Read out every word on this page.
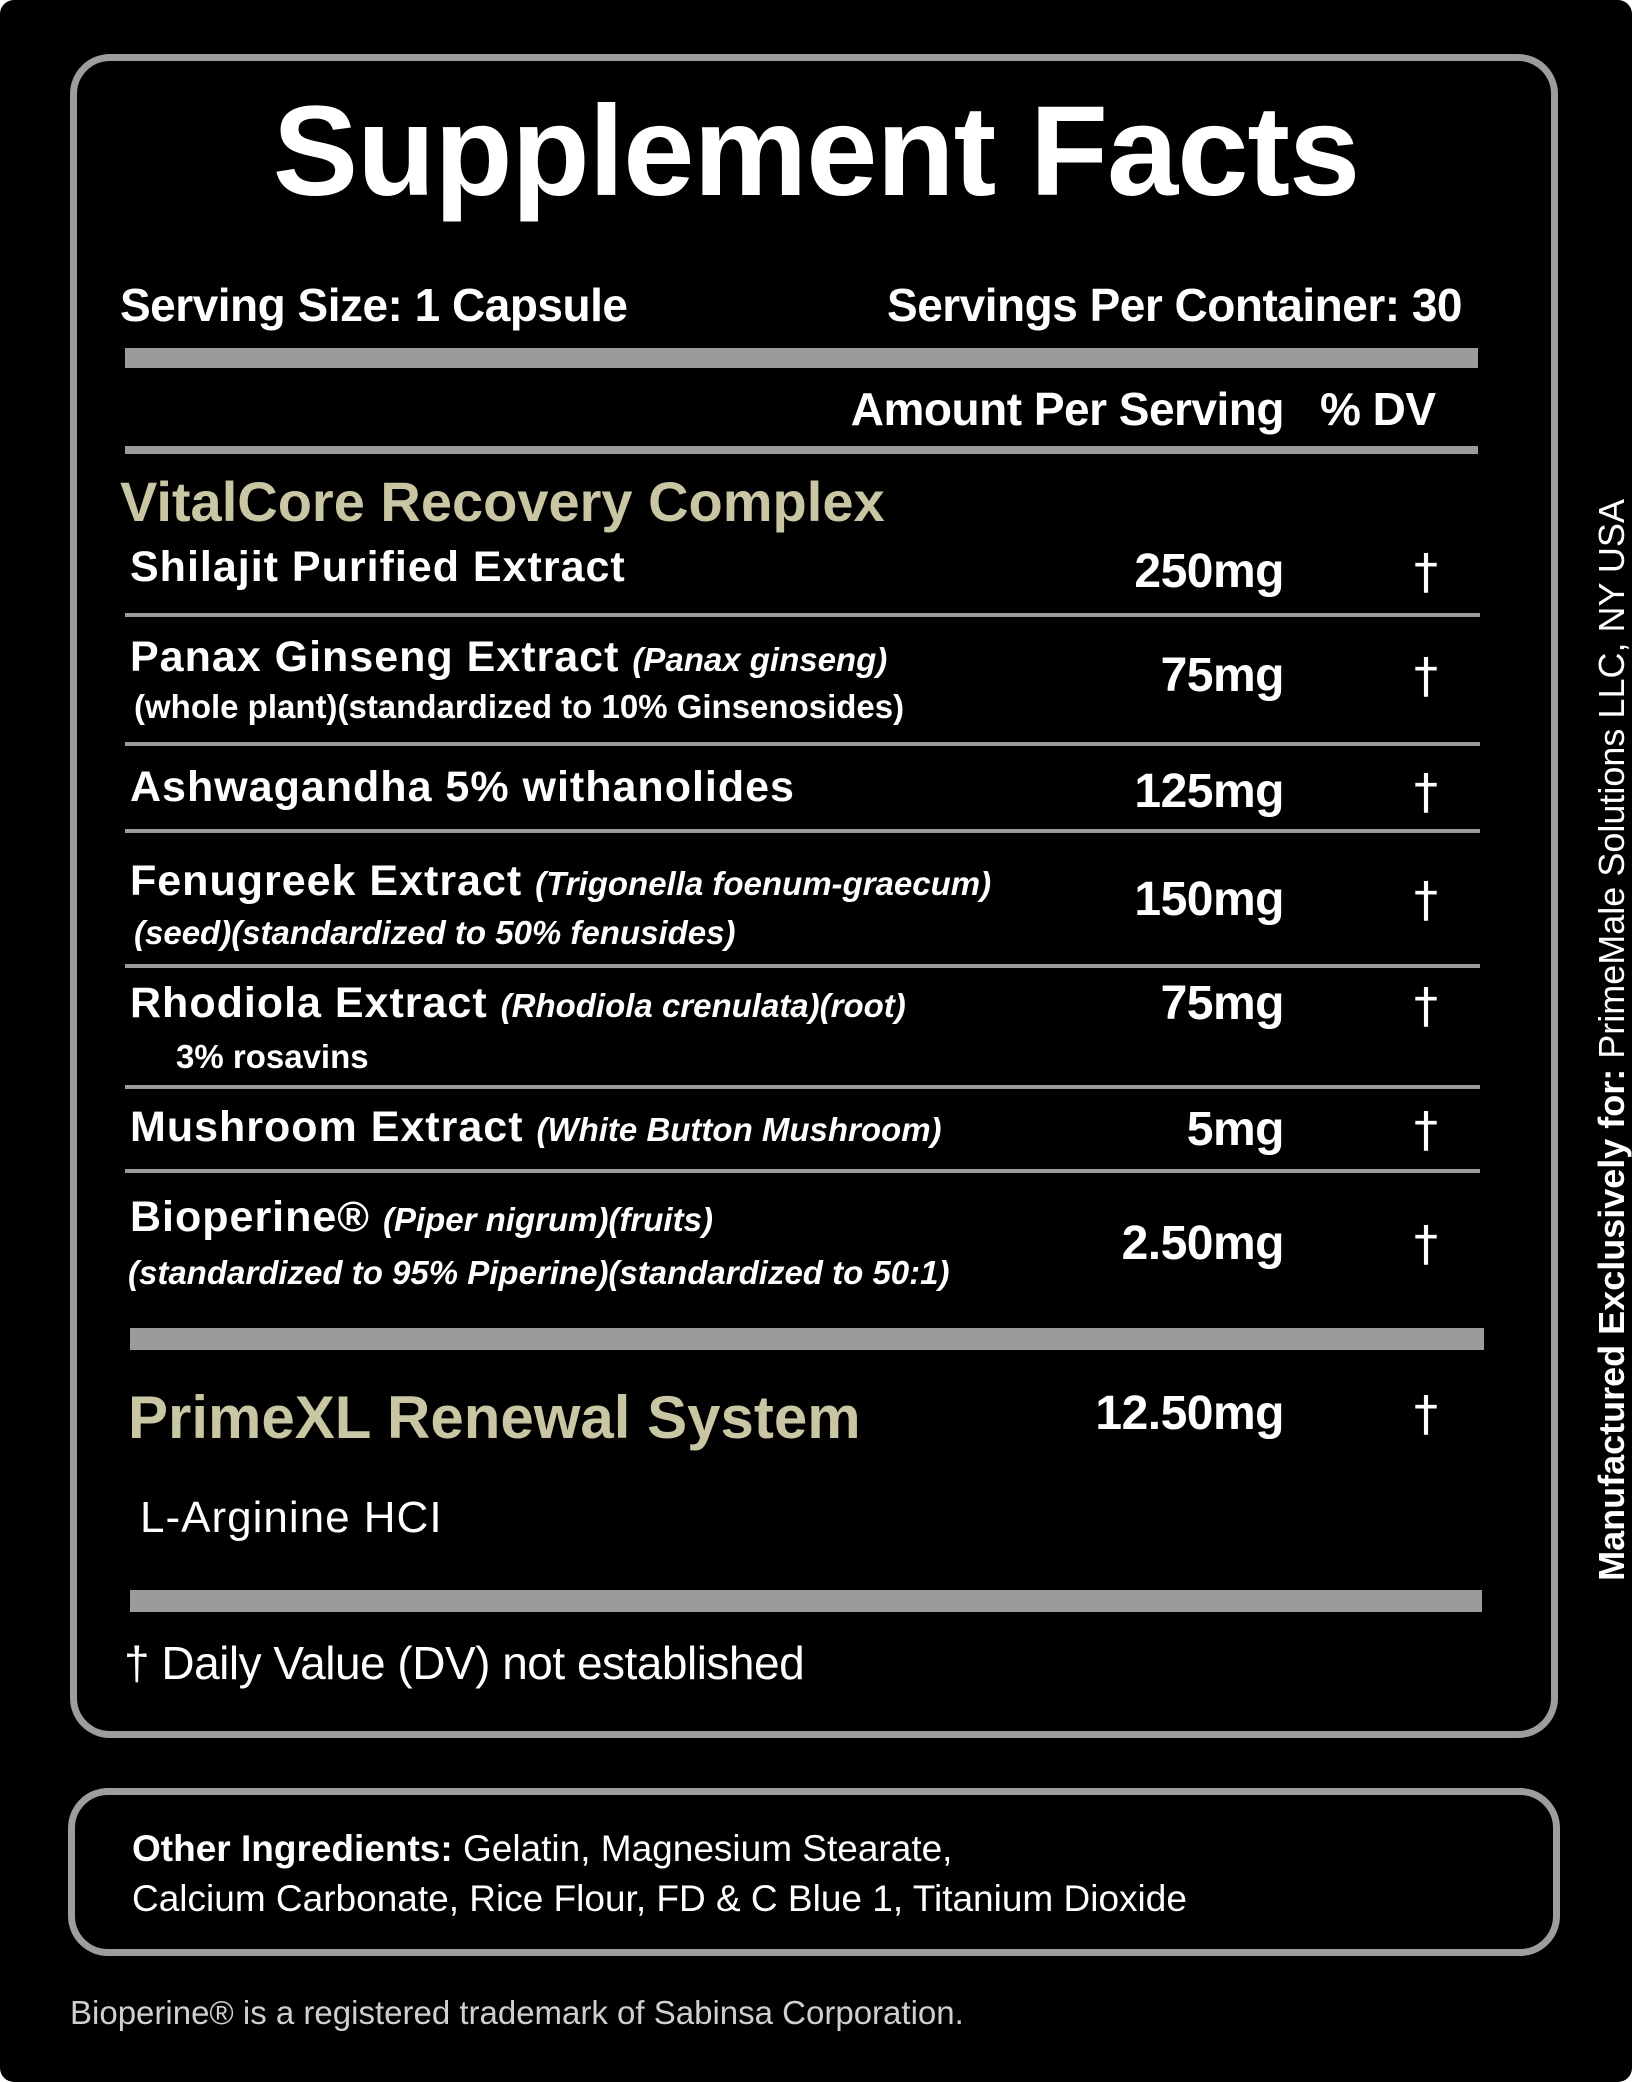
Supplement Facts
Serving Size: 1 Capsule	Servings Per Container: 30
Amount Per Serving % DV
VitalCore Recovery Complex
Shilajit Purified Extract	250mg	†
Panax Ginseng Extract (Panax ginseng)
(whole plant)(standardized to 10% Ginsenosides)
75mg	†
Ashwagandha 5% withanolides	125mg	†
Fenugreek Extract (Trigonella foenum-graecum)
(seed)(standardized to 50% fenusides)
150mg	†
Rhodiola Extract (Rhodiola crenulata)(root)
3% rosavins
75mg	†
Mushroom Extract (White Button Mushroom)	5mg	†
Bioperine® (Piper nigrum)(fruits)
(standardized to 95% Piperine)(standardized to 50:1)
2.50mg	†
PrimeXL Renewal System	12.50mg	†
L-Arginine HCI
† Daily Value (DV) not established
Other Ingredients: Gelatin, Magnesium Stearate,
Calcium Carbonate, Rice Flour, FD & C Blue 1, Titanium Dioxide
Manufactured Exclusively for: PrimeMale Solutions LLC, NY USA
Bioperine® is a registered trademark of Sabinsa Corporation.
